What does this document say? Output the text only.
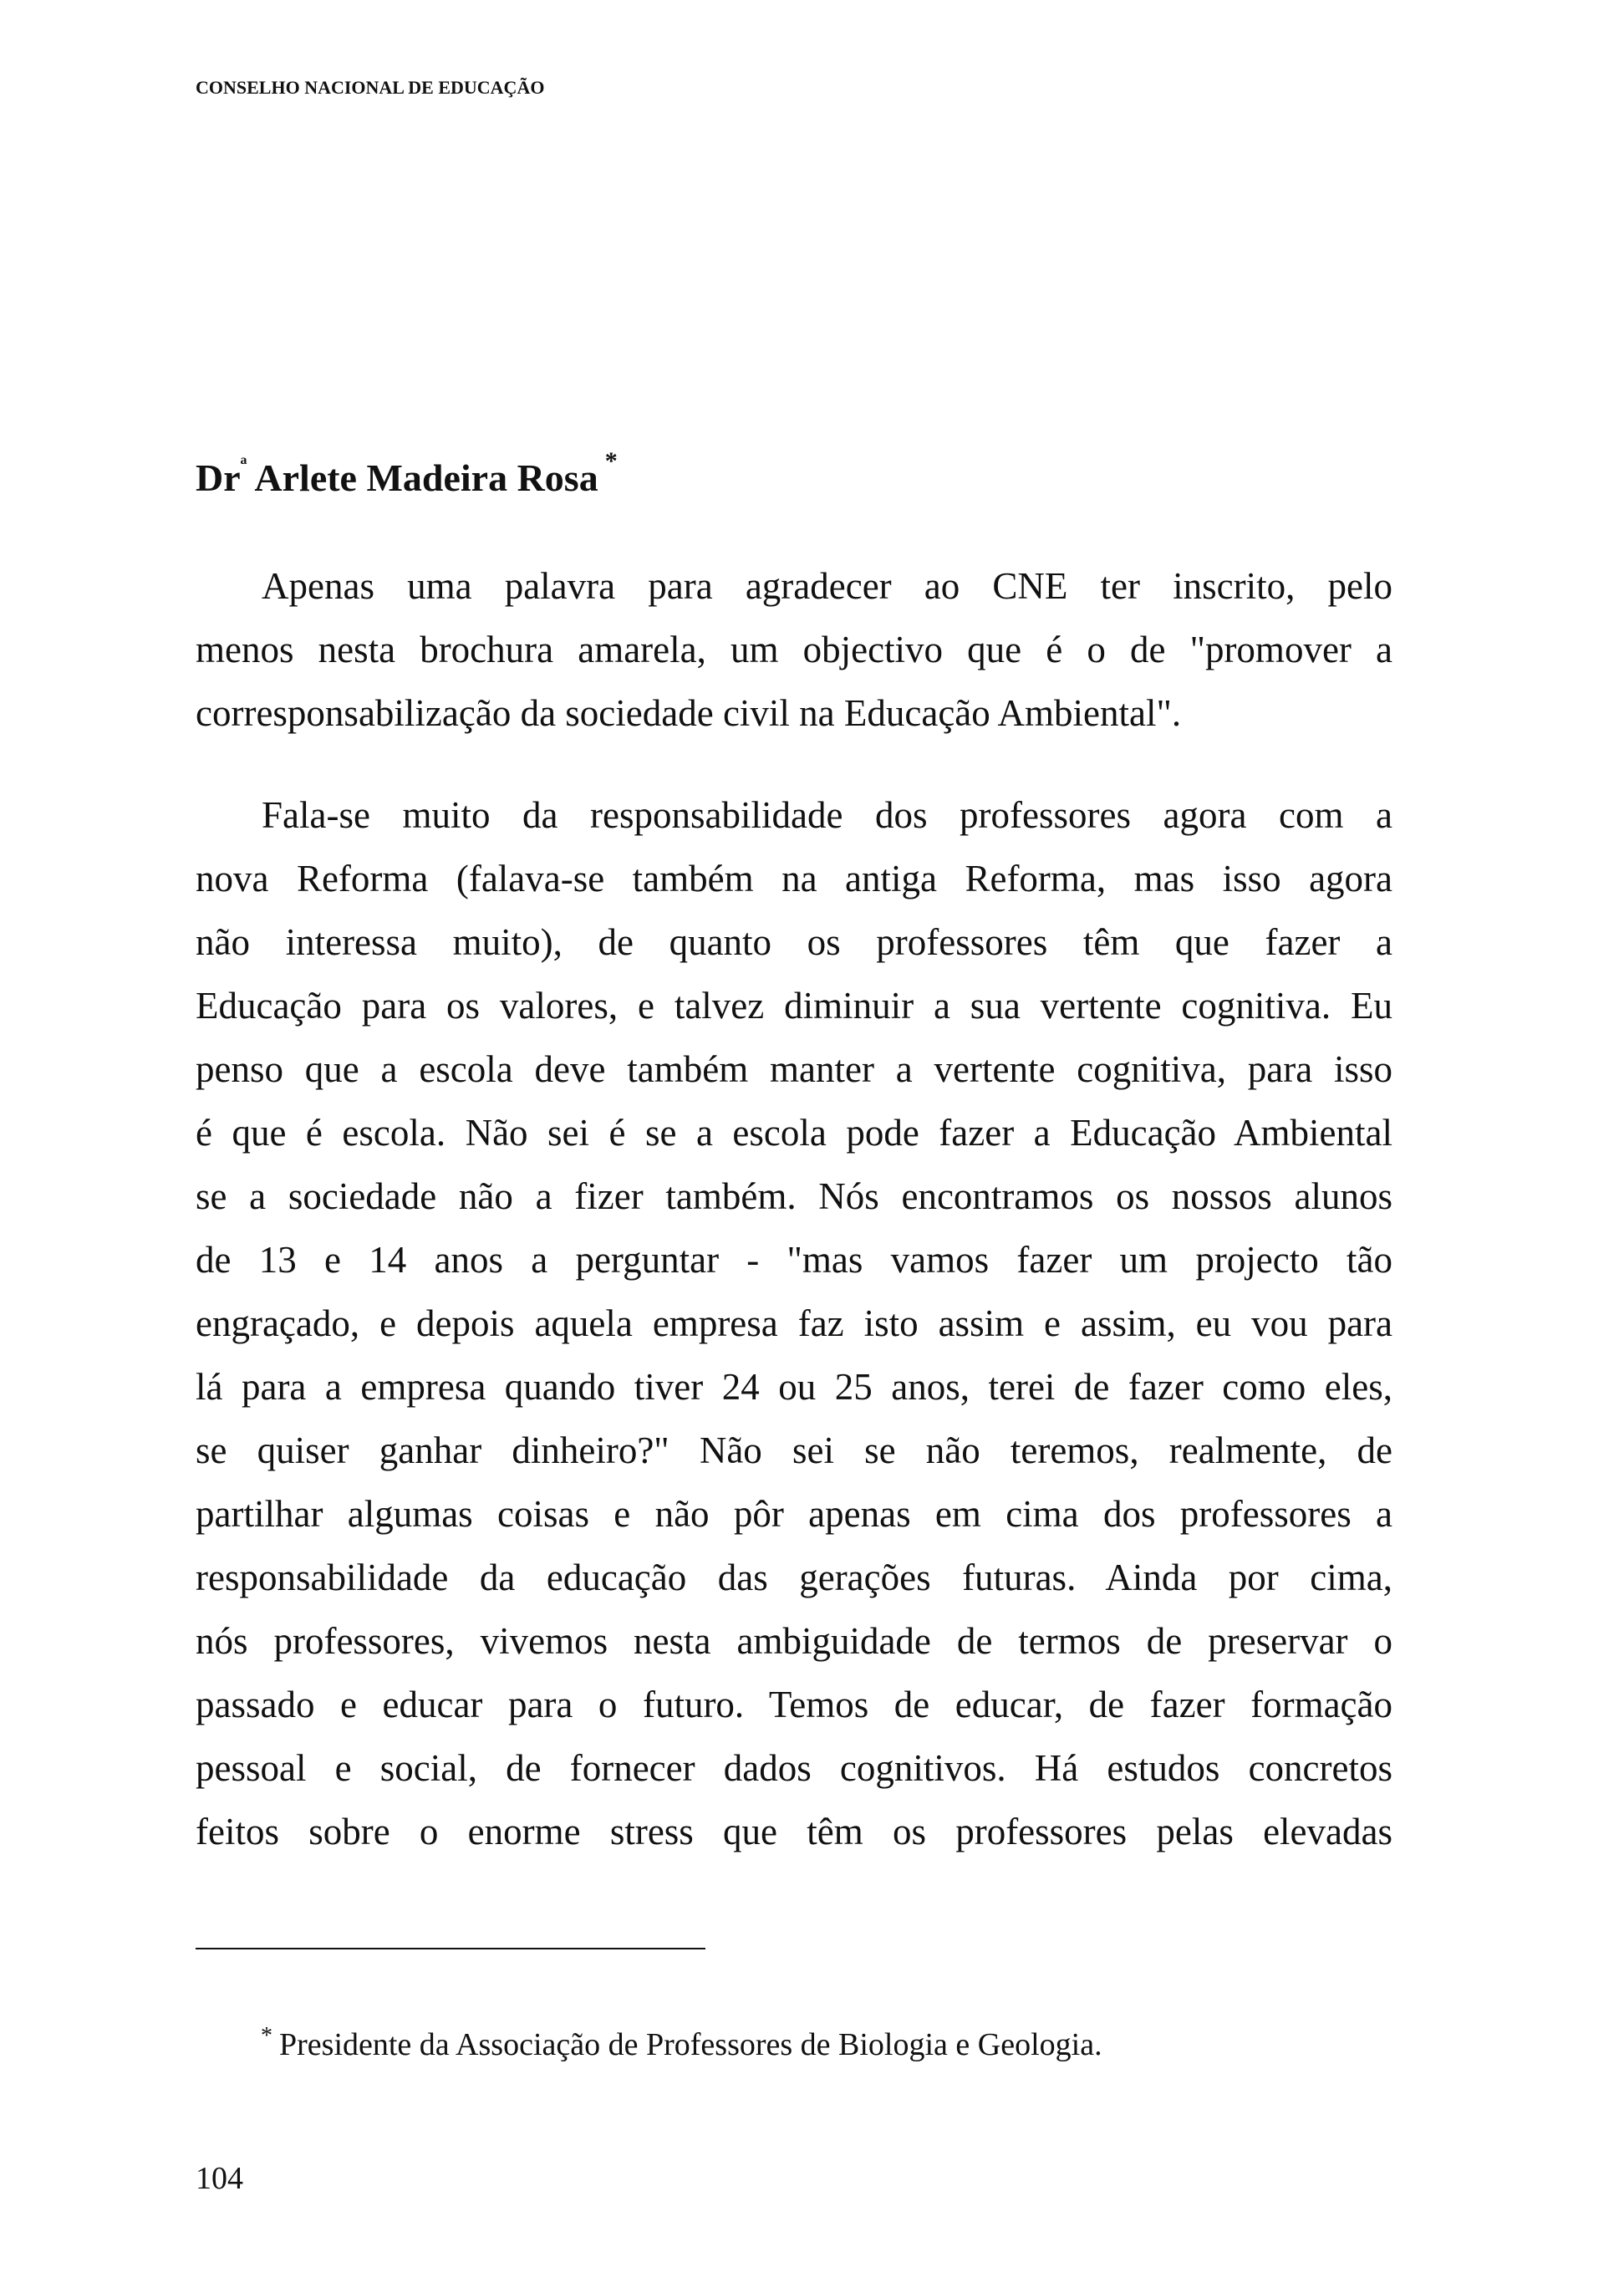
CONSELHO NACIONAL DE EDUCAÇÃO
$Dr^ª$ Arlete Madeira Rosa *
Apenas uma palavra para agradecer ao CNE ter inscrito, pelo
menos nesta brochura amarela, um objectivo que é o de "promover a
corresponsabilização da sociedade civil na Educação Ambiental".
Fala-se muito da responsabilidade dos professores agora com a
nova Reforma (falava-se também na antiga Reforma, mas isso agora
não interessa muito), de quanto os professores têm que fazer a
Educação para os valores, e talvez diminuir a sua vertente cognitiva. Eu
penso que a escola deve também manter a vertente cognitiva, para isso
é que é escola. Não sei é se a escola pode fazer a Educação Ambiental
se a sociedade não a fizer também. Nós encontramos os nossos alunos
de 13 e 14 anos a perguntar - "mas vamos fazer um projecto tão
engraçado, e depois aquela empresa faz isto assim e assim, eu vou para
lá para a empresa quando tiver 24 ou 25 anos, terei de fazer como eles,
se quiser ganhar dinheiro?" Não sei se não teremos, realmente, de
partilhar algumas coisas e não pôr apenas em cima dos professores a
responsabilidade da educação das gerações futuras. Ainda por cima,
nós professores, vivemos nesta ambiguidade de termos de preservar o
passado e educar para o futuro. Temos de educar, de fazer formação
pessoal e social, de fornecer dados cognitivos. Há estudos concretos
feitos sobre o enorme stress que têm os professores pelas elevadas
* Presidente da Associação de Professores de Biologia e Geologia.
104
